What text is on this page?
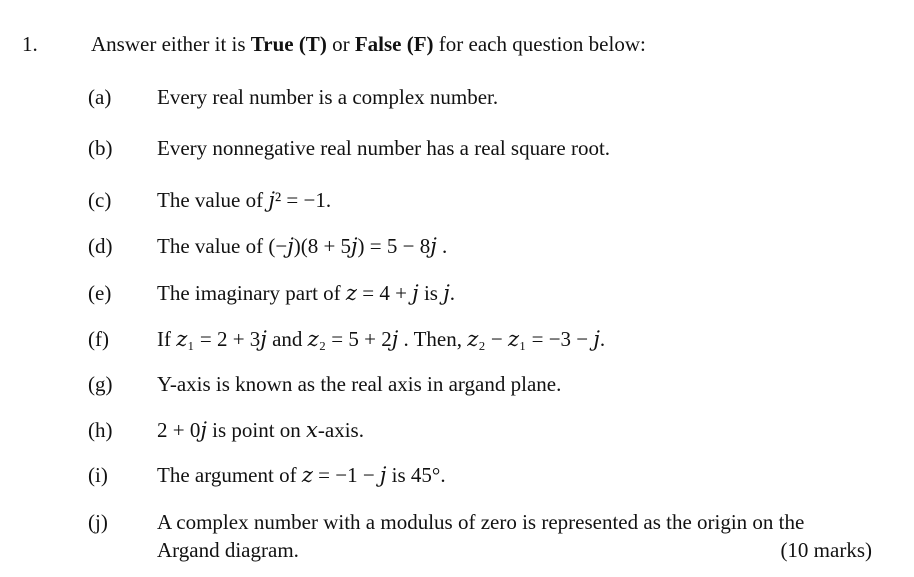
1.	Answer either it is True (T) or False (F) for each question below:
(a) Every real number is a complex number.
(b) Every nonnegative real number has a real square root.
(c) The value of 𝑗² = −1.
(d) The value of (−𝑗)(8 + 5𝑗) = 5 − 8𝑗 .
(e) The imaginary part of 𝑧 = 4 + 𝑗 is 𝑗.
(f) If 𝑧₁ = 2 + 3𝑗 and 𝑧₂ = 5 + 2𝑗 . Then, 𝑧₂ − 𝑧₁ = −3 − 𝑗.
(g) Y-axis is known as the real axis in argand plane.
(h) 2 + 0𝑗 is point on 𝑥-axis.
(i) The argument of 𝑧 = −1 − 𝑗 is 45°.
(j) A complex number with a modulus of zero is represented as the origin on the
Argand diagram.	(10 marks)
